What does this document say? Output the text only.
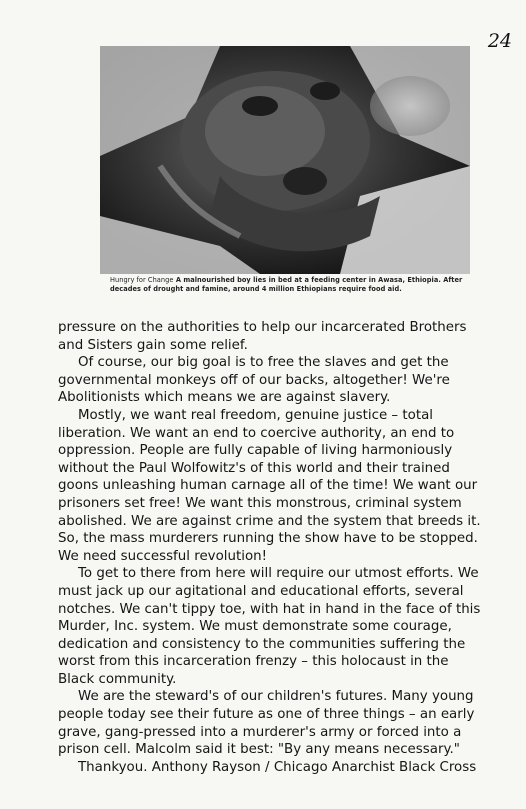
24
Hungry for Change A malnourished boy lies in bed at a feeding center in Awasa, Ethiopia. After decades of drought and famine, around 4 million Ethiopians require food aid.

pressure on the authorities to help our incarcerated Brothers and Sisters gain some relief.

Of course, our big goal is to free the slaves and get the governmental monkeys off of our backs, altogether! We're Abolitionists which means we are against slavery.

Mostly, we want real freedom, genuine justice – total liberation. We want an end to coercive authority, an end to oppression. People are fully capable of living harmoniously without the Paul Wolfowitz's of this world and their trained goons unleashing human carnage all of the time! We want our prisoners set free! We want this monstrous, criminal system abolished. We are against crime and the system that breeds it. So, the mass murderers running the show have to be stopped. We need successful revolution!

To get to there from here will require our utmost efforts. We must jack up our agitational and educational efforts, several notches. We can't tippy toe, with hat in hand in the face of this Murder, Inc. system. We must demonstrate some courage, dedication and consistency to the communities suffering the worst from this incarceration frenzy – this holocaust in the Black community.

We are the steward's of our children's futures. Many young people today see their future as one of three things – an early grave, gang-pressed into a murderer's army or forced into a prison cell. Malcolm said it best: "By any means necessary."

Thankyou. Anthony Rayson / Chicago Anarchist Black Cross
